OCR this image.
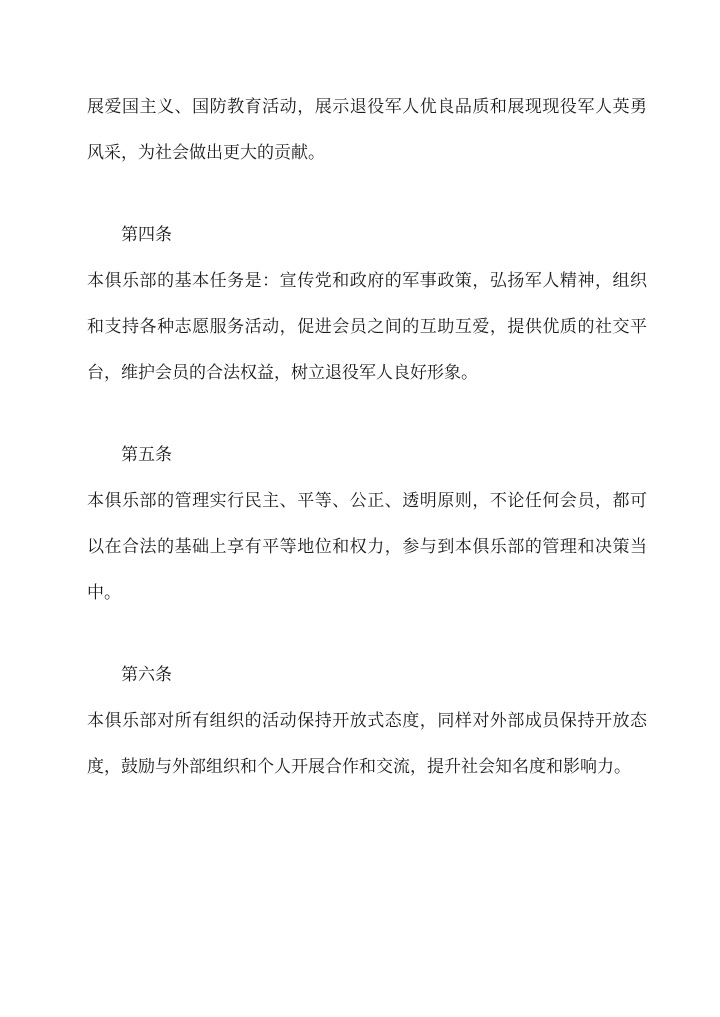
展爱国主义、国防教育活动，展示退役军人优良品质和展现现役军人英勇风采，为社会做出更大的贡献。

第四条

本俱乐部的基本任务是：宣传党和政府的军事政策，弘扬军人精神，组织和支持各种志愿服务活动，促进会员之间的互助互爱，提供优质的社交平台，维护会员的合法权益，树立退役军人良好形象。

第五条

本俱乐部的管理实行民主、平等、公正、透明原则，不论任何会员，都可以在合法的基础上享有平等地位和权力，参与到本俱乐部的管理和决策当中。

第六条

本俱乐部对所有组织的活动保持开放式态度，同样对外部成员保持开放态度，鼓励与外部组织和个人开展合作和交流，提升社会知名度和影响力。
